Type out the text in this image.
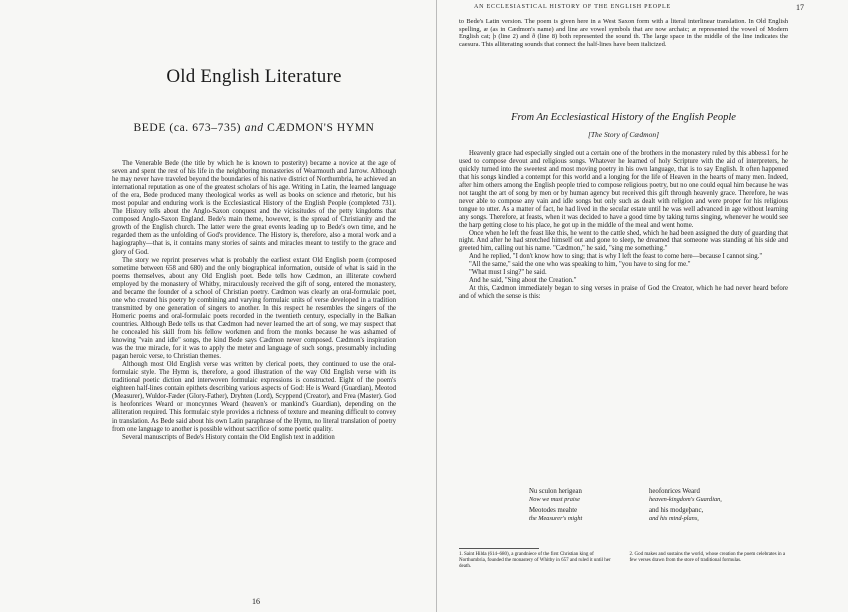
Old English Literature
BEDE (ca. 673–735) and CÆDMON'S HYMN

The Venerable Bede (the title by which he is known to posterity) became a novice at the age of seven and spent the rest of his life in the neighboring monasteries of Wearmouth and Jarrow. Although he may never have traveled beyond the boundaries of his native district of Northumbria, he achieved an international reputation as one of the greatest scholars of his age. Writing in Latin, the learned language of the era, Bede produced many theological works as well as books on science and rhetoric, but his most popular and enduring work is the Ecclesiastical History of the English People (completed 731). The History tells about the Anglo-Saxon conquest and the vicissitudes of the petty kingdoms that composed Anglo-Saxon England. Bede's main theme, however, is the spread of Christianity and the growth of the English church. The latter were the great events leading up to Bede's own time, and he regarded them as the unfolding of God's providence. The History is, therefore, also a moral work and a hagiography—that is, it contains many stories of saints and miracles meant to testify to the grace and glory of God.

The story we reprint preserves what is probably the earliest extant Old English poem (composed sometime between 658 and 680) and the only biographical information, outside of what is said in the poems themselves, about any Old English poet. Bede tells how Cædmon, an illiterate cowherd employed by the monastery of Whitby, miraculously received the gift of song, entered the monastery, and became the founder of a school of Christian poetry. Cædmon was clearly an oral-formulaic poet, one who created his poetry by combining and varying formulaic units of verse developed in a tradition transmitted by one generation of singers to another. In this respect he resembles the singers of the Homeric poems and oral-formulaic poets recorded in the twentieth century, especially in the Balkan countries. Although Bede tells us that Cædmon had never learned the art of song, we may suspect that he concealed his skill from his fellow workmen and from the monks because he was ashamed of knowing "vain and idle" songs, the kind Bede says Cædmon never composed. Cædmon's inspiration was the true miracle, for it was to apply the meter and language of such songs, presumably including pagan heroic verse, to Christian themes.

Although most Old English verse was written by clerical poets, they continued to use the oral-formulaic style. The Hymn is, therefore, a good illustration of the way Old English verse with its traditional poetic diction and interwoven formulaic expressions is constructed. Eight of the poem's eighteen half-lines contain epithets describing various aspects of God: He is Weard (Guardian), Meotod (Measurer), Wuldor-Fæder (Glory-Father), Dryhten (Lord), Scyppend (Creator), and Frea (Master). God is heofonrices Weard or moncynnes Weard (heaven's or mankind's Guardian), depending on the alliteration required. This formulaic style provides a richness of texture and meaning difficult to convey in translation. As Bede said about his own Latin paraphrase of the Hymn, no literal translation of poetry from one language to another is possible without sacrifice of some poetic quality.

Several manuscripts of Bede's History contain the Old English text in addition

16
17
to Bede's Latin version. The poem is given here in a West Saxon form with a literal interlinear translation. In Old English spelling, æ (as in Cædmon's name) and line are vowel symbols that are now archaic; æ represented the vowel of Modern English cat; þ (line 2) and ð (line 8) both represented the sound th. The large space in the middle of the line indicates the caesura. This alliterating sounds that connect the half-lines have been italicized.
From An Ecclesiastical History of the English People
[The Story of Cædmon]

Heavenly grace had especially singled out a certain one of the brothers in the monastery ruled by this abbess1 for he used to compose devout and religious songs. Whatever he learned of holy Scripture with the aid of interpreters, he quickly turned into the sweetest and most moving poetry in his own language, that is to say English. It often happened that his songs kindled a contempt for this world and a longing for the life of Heaven in the hearts of many men. Indeed, after him others among the English people tried to compose religious poetry, but no one could equal him because he was not taught the art of song by men or by human agency but received this gift through heavenly grace. Therefore, he was never able to compose any vain and idle songs but only such as dealt with religion and were proper for his religious tongue to utter. As a matter of fact, he had lived in the secular estate until he was well advanced in age without learning any songs. Therefore, at feasts, when it was decided to have a good time by taking turns singing, whenever he would see the harp getting close to his place, he got up in the middle of the meal and went home.

Once when he left the feast like this, he went to the cattle shed, which he had been assigned the duty of guarding that night. And after he had stretched himself out and gone to sleep, he dreamed that someone was standing at his side and greeted him, calling out his name. "Cædmon," he said, "sing me something."

And he replied, "I don't know how to sing; that is why I left the feast to come here—because I cannot sing."

"All the same," said the one who was speaking to him, "you have to sing for me."

"What must I sing?" he said.

And he said, "Sing about the Creation."

At this, Cædmon immediately began to sing verses in praise of God the Creator, which he had never heard before and of which the sense is this:

Nu sculon herigean	heofonrices Weard
Now we must praise	heaven-kingdom's Guardian,
Meotodes meahte	and his modgeþanc,
the Measurer's might	and his mind-plans,
1. Saint Hilda (614–680), a grandniece of the first Christian king of Northumbria, founded the monastery of Whitby in 657 and ruled it until her death.
2. God makes and sustains the world, whose creation the poem celebrates in a few verses drawn from the store of traditional formulas.
AN ECCLESIASTICAL HISTORY OF THE ENGLISH PEOPLE
